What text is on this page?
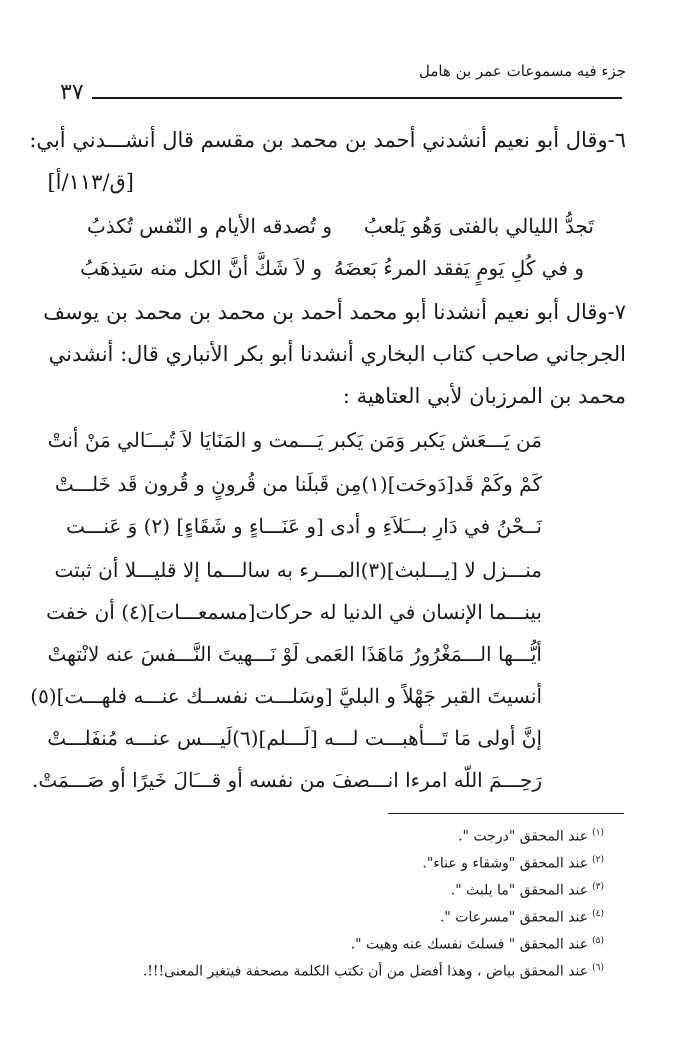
جزء فيه مسموعات عمر بن هامل
٣٧
٦-وقال أبو نعيم أنشدني أحمد بن محمد بن مقسم قال أنشـــدني أبي:
[ق/١١٣/أ]
تَجدُّ الليالي بالفتى وَهُو يَلعبُ
و تُصدقه الأيام و النّفس تُكذبُ
و في كُلِ يَومٍ يَفقد المرءُ بَعضَهُ
و لاَ شَكَّ أنَّ الكل منه سَيذهَبُ
٧-وقال أبو نعيم أنشدنا أبو محمد أحمد بن محمد بن محمد بن يوسف
الجرجاني صاحب كتاب البخاري أنشدنا أبو بكر الأنباري قال: أنشدني
محمد بن المرزبان لأبي العتاهية :
مَن يَـــعَش يَكبر وَمَن يَكبر يَـــمت و المَنَايَا لاَ تُبـــَالي مَنْ أنتْ
كَمْ وكَمْ قَد[دَوحَت](١)مِن قَبلَنا من قُرونٍ و قُرون قَد خَلـــتْ
نَــحْنُ في دَارِ بـــَلاَءِ و أدى [و عَنَـــاءٍ و شَقَاءٍ] (٢) وَ عَنـــت
منـــزل لا [يـــلبث](٣)المـــرء به سالـــما إلا قليـــلا أن ثبتت
بينـــما الإنسان في الدنيا له حركات[مسمعـــات](٤) أن خفت
أيُّـــها الـــمَغْرُورُ مَاهَذَا العَمى لَوْ نَـــهيتَ النَّـــفسَ عنه لانْتهتْ
أنسيتَ القبر جَهْلاً و البليَّ [وسَلـــت نفســك عنـــه فلهـــت](٥)
إنَّ أولى مَا تَـــأهبـــت لـــه [لَـــلم](٦)لَيـــس عنـــه مُنفَلـــتْ
رَحِـــمَ اللّه امرءا انـــصفَ من نفسه أو قـــَالَ خَيرًا أو صَـــمَتْ.
$^{(١)}$عند المحقق "درجت ".
$^{(٢)}$عند المحقق "وشقاء و عناء".
$^{(٣)}$عند المحقق "ما يلبث ".
$^{(٤)}$عند المحقق "مسرعات ".
$^{(٥)}$عند المحقق " فسلتَ نفسك عنه وهيت ".
$^{(٦)}$عند المحقق بياض ، وهذا أفضل من أن تكتب الكلمة مصحفة فيتغير المعنى!!!.
